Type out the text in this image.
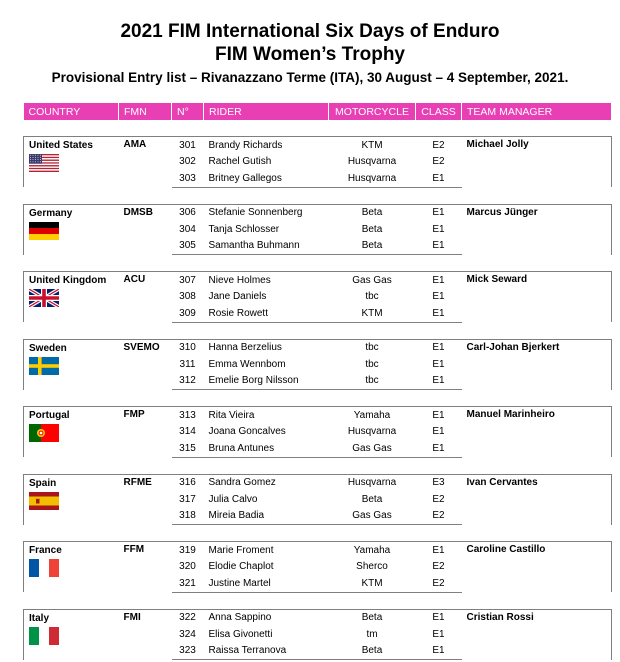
2021 FIM International Six Days of Enduro
FIM Women’s Trophy
Provisional Entry list – Rivanazzano Terme (ITA), 30 August – 4 September, 2021.
COUNTRY	FMN	N°	RIDER	MOTORCYCLE	CLASS	TEAM MANAGER

United States	AMA	301	Brandy Richards	KTM	E2	Michael Jolly
		302	Rachel Gutish	Husqvarna	E2	
		303	Britney Gallegos	Husqvarna	E1	

Germany	DMSB	306	Stefanie Sonnenberg	Beta	E1	Marcus Jünger
		304	Tanja Schlosser	Beta	E1	
		305	Samantha Buhmann	Beta	E1	

United Kingdom	ACU	307	Nieve Holmes	Gas Gas	E1	Mick Seward
		308	Jane Daniels	tbc	E1	
		309	Rosie Rowett	KTM	E1	

Sweden	SVEMO	310	Hanna Berzelius	tbc	E1	Carl-Johan Bjerkert
		311	Emma Wennbom	tbc	E1	
		312	Emelie Borg Nilsson	tbc	E1	

Portugal	FMP	313	Rita Vieira	Yamaha	E1	Manuel Marinheiro
		314	Joana Goncalves	Husqvarna	E1	
		315	Bruna Antunes	Gas Gas	E1	

Spain	RFME	316	Sandra Gomez	Husqvarna	E3	Ivan Cervantes
		317	Julia Calvo	Beta	E2	
		318	Mireia Badia	Gas Gas	E2	

France	FFM	319	Marie Froment	Yamaha	E1	Caroline Castillo
		320	Elodie Chaplot	Sherco	E2	
		321	Justine Martel	KTM	E2	

Italy	FMI	322	Anna Sappino	Beta	E1	Cristian Rossi
		324	Elisa Givonetti	tm	E1	
		323	Raissa Terranova	Beta	E1	
